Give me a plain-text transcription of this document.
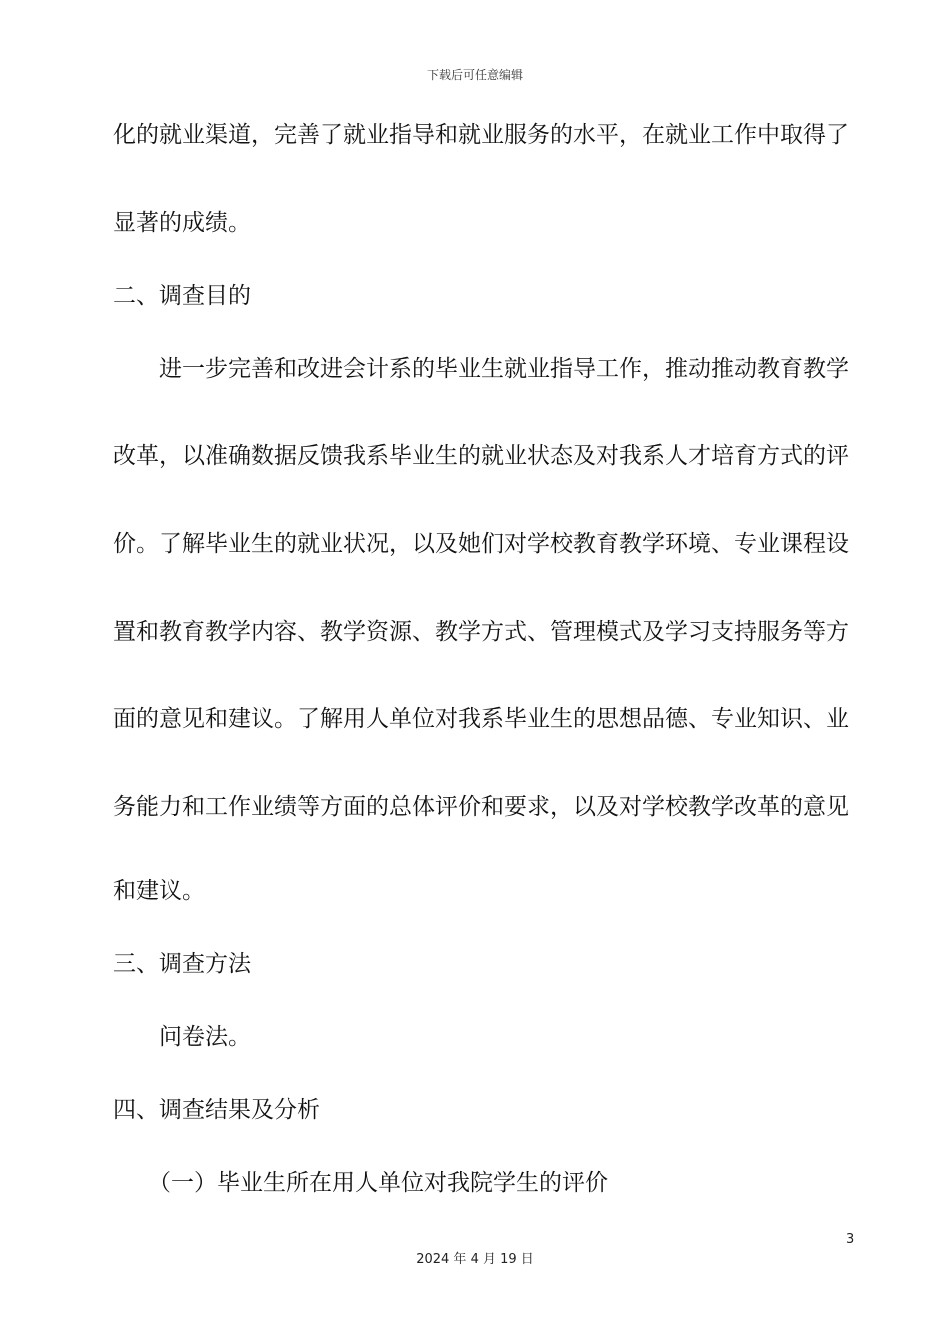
下载后可任意编辑
化的就业渠道，完善了就业指导和就业服务的水平，在就业工作中取得了
显著的成绩。
二、调查目的
进一步完善和改进会计系的毕业生就业指导工作，推动推动教育教学
改革，以准确数据反馈我系毕业生的就业状态及对我系人才培育方式的评
价。了解毕业生的就业状况，以及她们对学校教育教学环境、专业课程设
置和教育教学内容、教学资源、教学方式、管理模式及学习支持服务等方
面的意见和建议。了解用人单位对我系毕业生的思想品德、专业知识、业
务能力和工作业绩等方面的总体评价和要求，以及对学校教学改革的意见
和建议。
三、调查方法
问卷法。
四、调查结果及分析
（一）毕业生所在用人单位对我院学生的评价
3
2024 年 4 月 19 日
